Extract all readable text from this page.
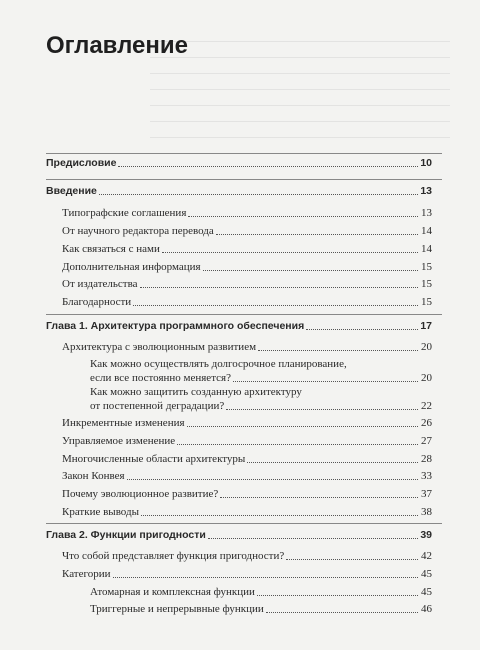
Оглавление
Предисловие	10
Введение	13
Типографские соглашения	13
От научного редактора перевода	14
Как связаться с нами	14
Дополнительная информация	15
От издательства	15
Благодарности	15
Глава 1. Архитектура программного обеспечения	17
Архитектура с эволюционным развитием	20
Как можно осуществлять долгосрочное планирование,
если все постоянно меняется?	20
Как можно защитить созданную архитектуру
от постепенной деградации?	22
Инкрементные изменения	26
Управляемое изменение	27
Многочисленные области архитектуры	28
Закон Конвея	33
Почему эволюционное развитие?	37
Краткие выводы	38
Глава 2. Функции пригодности	39
Что собой представляет функция пригодности?	42
Категории	45
Атомарная и комплексная функции	45
Триггерные и непрерывные функции	46
